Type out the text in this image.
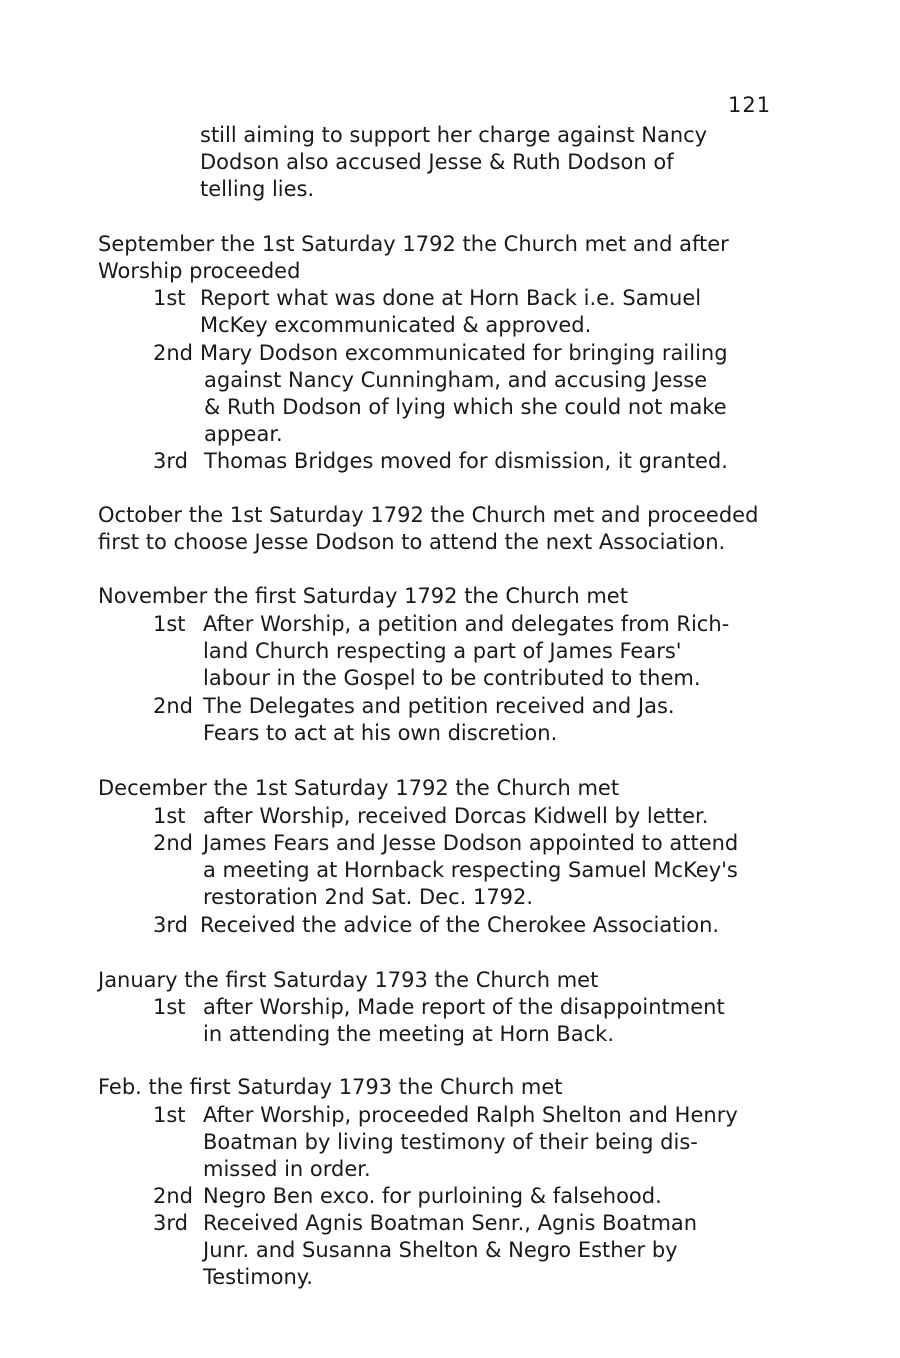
121
still aiming to support her charge against Nancy
Dodson also accused Jesse & Ruth Dodson of
telling lies.
September the 1st Saturday 1792 the Church met and after
Worship proceeded
1st Report what was done at Horn Back i.e. Samuel
McKey excommunicated & approved.
2nd Mary Dodson excommunicated for bringing railing
against Nancy Cunningham, and accusing Jesse
& Ruth Dodson of lying which she could not make
appear.
3rd Thomas Bridges moved for dismission, it granted.
October the 1st Saturday 1792 the Church met and proceeded
first to choose Jesse Dodson to attend the next Association.
November the first Saturday 1792 the Church met
1st After Worship, a petition and delegates from Rich-
land Church respecting a part of James Fears'
labour in the Gospel to be contributed to them.
2nd The Delegates and petition received and Jas.
Fears to act at his own discretion.
December the 1st Saturday 1792 the Church met
1st after Worship, received Dorcas Kidwell by letter.
2nd James Fears and Jesse Dodson appointed to attend
a meeting at Hornback respecting Samuel McKey's
restoration 2nd Sat. Dec. 1792.
3rd Received the advice of the Cherokee Association.
January the first Saturday 1793 the Church met
1st after Worship, Made report of the disappointment
in attending the meeting at Horn Back.
Feb. the first Saturday 1793 the Church met
1st After Worship, proceeded Ralph Shelton and Henry
Boatman by living testimony of their being dis-
missed in order.
2nd Negro Ben exco. for purloining & falsehood.
3rd Received Agnis Boatman Senr., Agnis Boatman
Junr. and Susanna Shelton & Negro Esther by
Testimony.
